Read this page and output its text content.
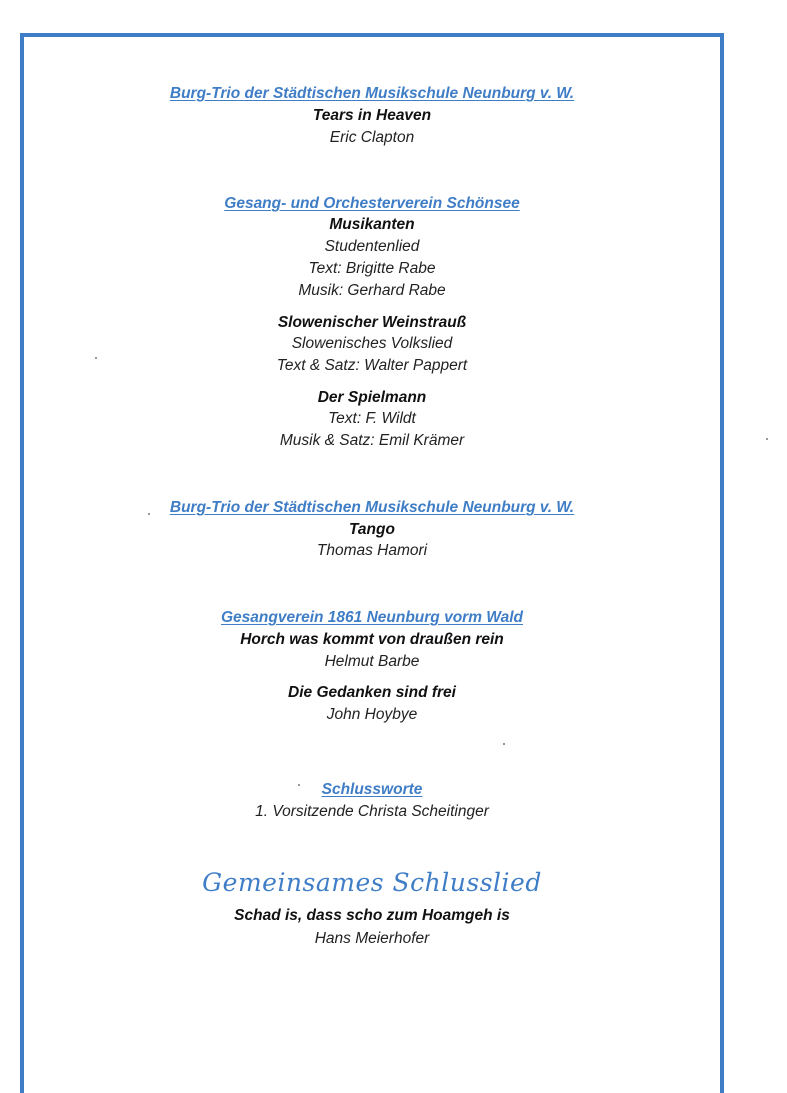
Burg-Trio der Städtischen Musikschule Neunburg v. W.
Tears in Heaven
Eric Clapton
Gesang- und Orchesterverein Schönsee
Musikanten
Studentenlied
Text: Brigitte Rabe
Musik: Gerhard Rabe
Slowenischer Weinstrauß
Slowenisches Volkslied
Text & Satz: Walter Pappert
Der Spielmann
Text: F. Wildt
Musik & Satz: Emil Krämer
Burg-Trio der Städtischen Musikschule Neunburg v. W.
Tango
Thomas Hamori
Gesangverein 1861 Neunburg vorm Wald
Horch was kommt von draußen rein
Helmut Barbe
Die Gedanken sind frei
John Hoybye
Schlussworte
1. Vorsitzende Christa Scheitinger
Gemeinsames Schlusslied
Schad is, dass scho zum Hoamgeh is
Hans Meierhofer
